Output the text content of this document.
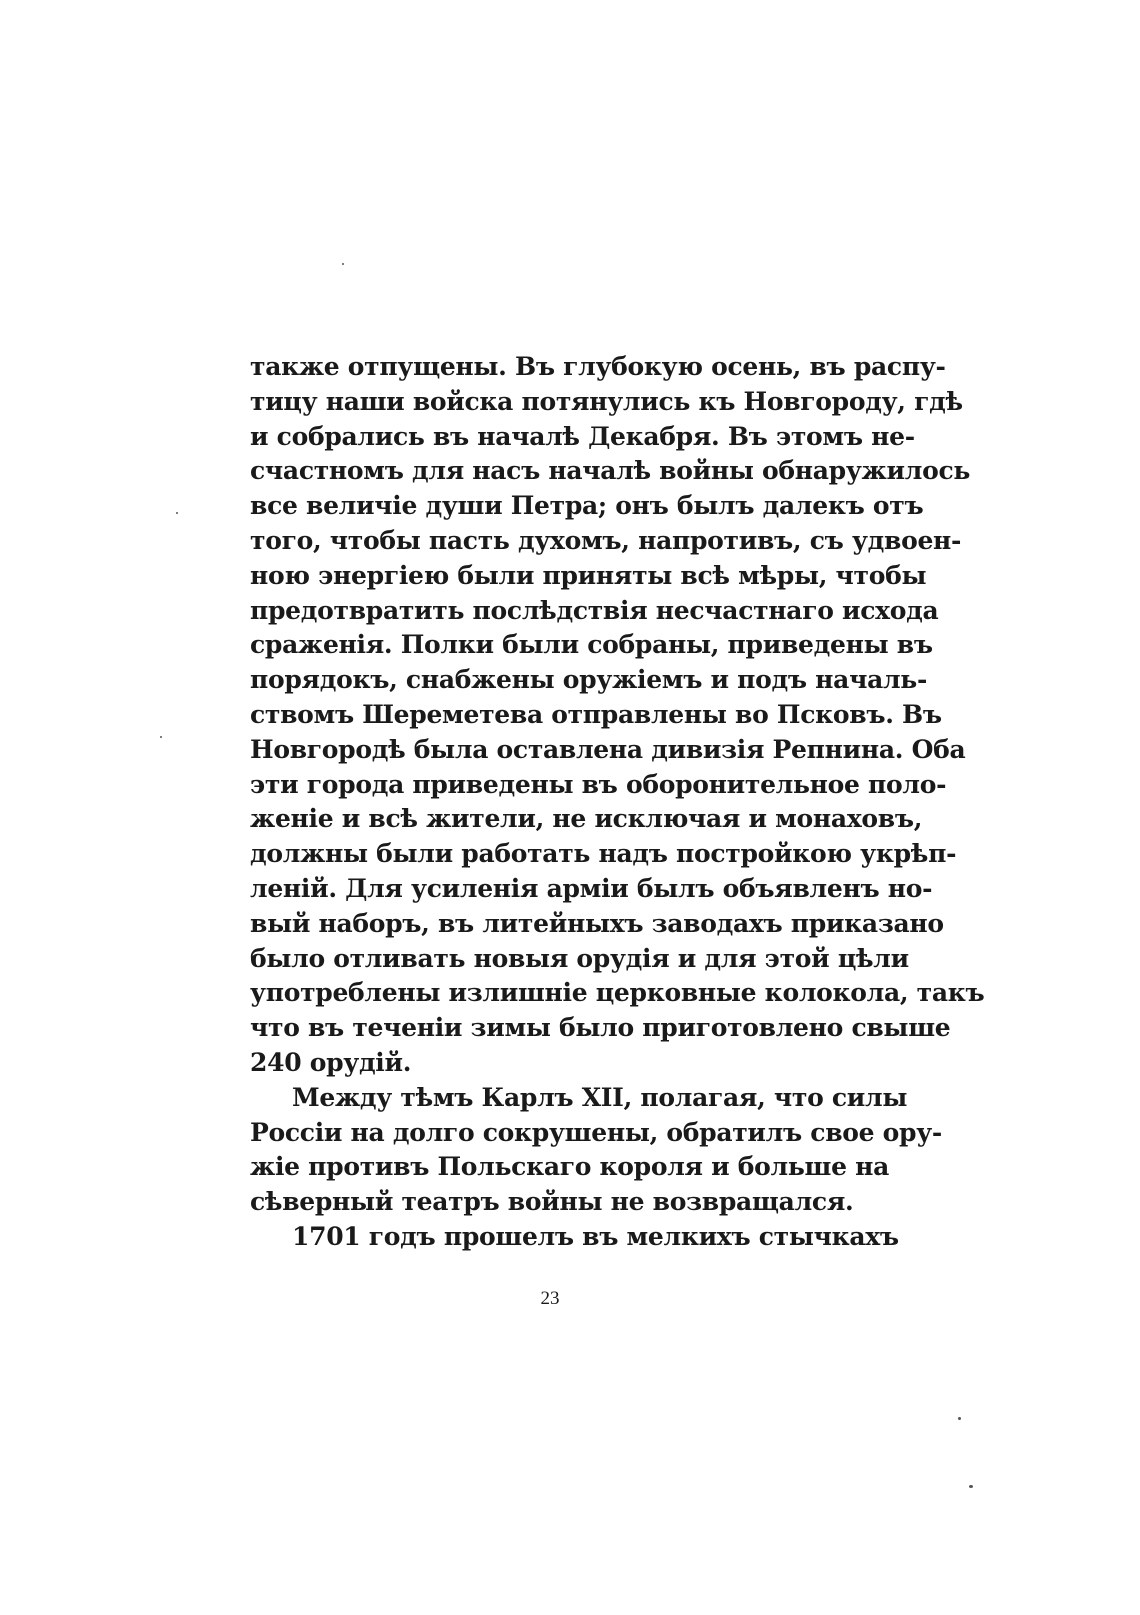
также отпущены. Въ глубокую осень, въ распу-
тицу наши войска потянулись къ Новгороду, гдѣ
и собрались въ началѣ Декабря. Въ этомъ не-
счастномъ для насъ началѣ войны обнаружилось
все величіе души Петра; онъ былъ далекъ отъ
того, чтобы пасть духомъ, напротивъ, съ удвоен-
ною энергіею были приняты всѣ мѣры, чтобы
предотвратить послѣдствія несчастнаго исхода
сраженія. Полки были собраны, приведены въ
порядокъ, снабжены оружіемъ и подъ началь-
ствомъ Шереметева отправлены во Псковъ. Въ
Новгородѣ была оставлена дивизія Репнина. Оба
эти города приведены въ оборонительное поло-
женіе и всѣ жители, не исключая и монаховъ,
должны были работать надъ постройкою укрѣп-
леній. Для усиленія арміи былъ объявленъ но-
вый наборъ, въ литейныхъ заводахъ приказано
было отливать новыя орудія и для этой цѣли
употреблены излишніе церковные колокола, такъ
что въ теченіи зимы было приготовлено свыше
240 орудій.
Между тѣмъ Карлъ XII, полагая, что силы
Россіи на долго сокрушены, обратилъ свое ору-
жіе противъ Польскаго короля и больше на
сѣверный театръ войны не возвращался.
1701 годъ прошелъ въ мелкихъ стычкахъ
23
